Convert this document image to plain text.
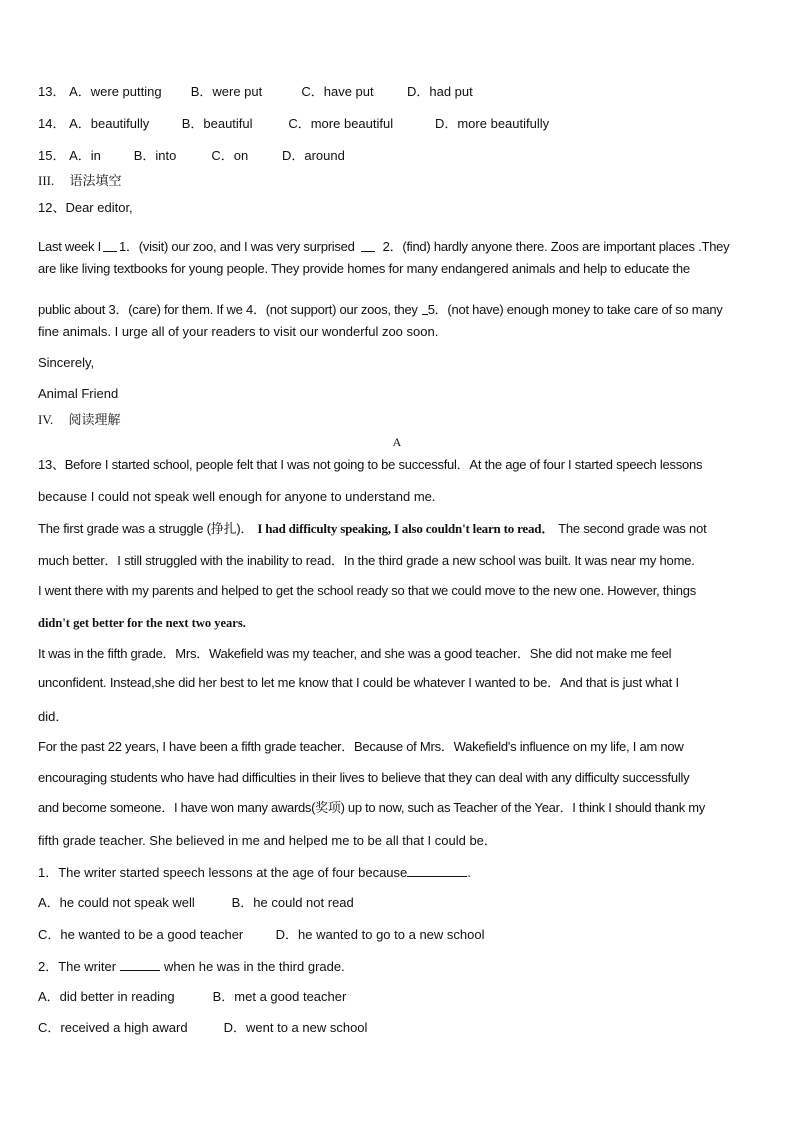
13． A．were putting B．were put	C．have put	D．had put
14． A．beautifully B．beautiful	C．more beautiful	D．more beautifully
15． A．in	B．into	C．on	D．around
III. 语法填空
12、Dear editor,
Last week I 1．(visit) our zoo, and I was very surprised 2．(find) hardly anyone there. Zoos are important places .They
are like living textbooks for young people. They provide homes for many endangered animals and help to educate the
public about 3．(care) for them. If we 4．(not support) our zoos, they 5．(not have) enough money to take care of so many
fine animals. I urge all of your readers to visit our wonderful zoo soon.
Sincerely,
Animal Friend
IV. 阅读理解
A
13、Before I started school, people felt that I was not going to be successful．At the age of four I started speech lessons
because I could not speak well enough for anyone to understand me.
The first grade was a struggle (挣扎)． I had difficulty speaking, I also couldn't learn to read． The second grade was not
much better．I still struggled with the inability to read．In the third grade a new school was built. It was near my home.
I went there with my parents and helped to get the school ready so that we could move to the new one. However, things
didn't get better for the next two years.
It was in the fifth grade．Mrs．Wakefield was my teacher, and she was a good teacher．She did not make me feel
unconfident. Instead,she did her best to let me know that I could be whatever I wanted to be．And that is just what I
did．
For the past 22 years, I have been a fifth grade teacher．Because of Mrs．Wakefield's influence on my life, I am now
encouraging students who have had difficulties in their lives to believe that they can deal with any difficulty successfully
and become someone．I have won many awards(奖项) up to now, such as Teacher of the Year．I think I should thank my
fifth grade teacher. She believed in me and helped me to be all that I could be．
1．The writer started speech lessons at the age of four because	.
A．he could not speak well	B．he could not read
C．he wanted to be a good teacher D．he wanted to go to a new school
2．The writer	when he was in the third grade.
A．did better in reading	B．met a good teacher
C．received a high award	D．went to a new school
